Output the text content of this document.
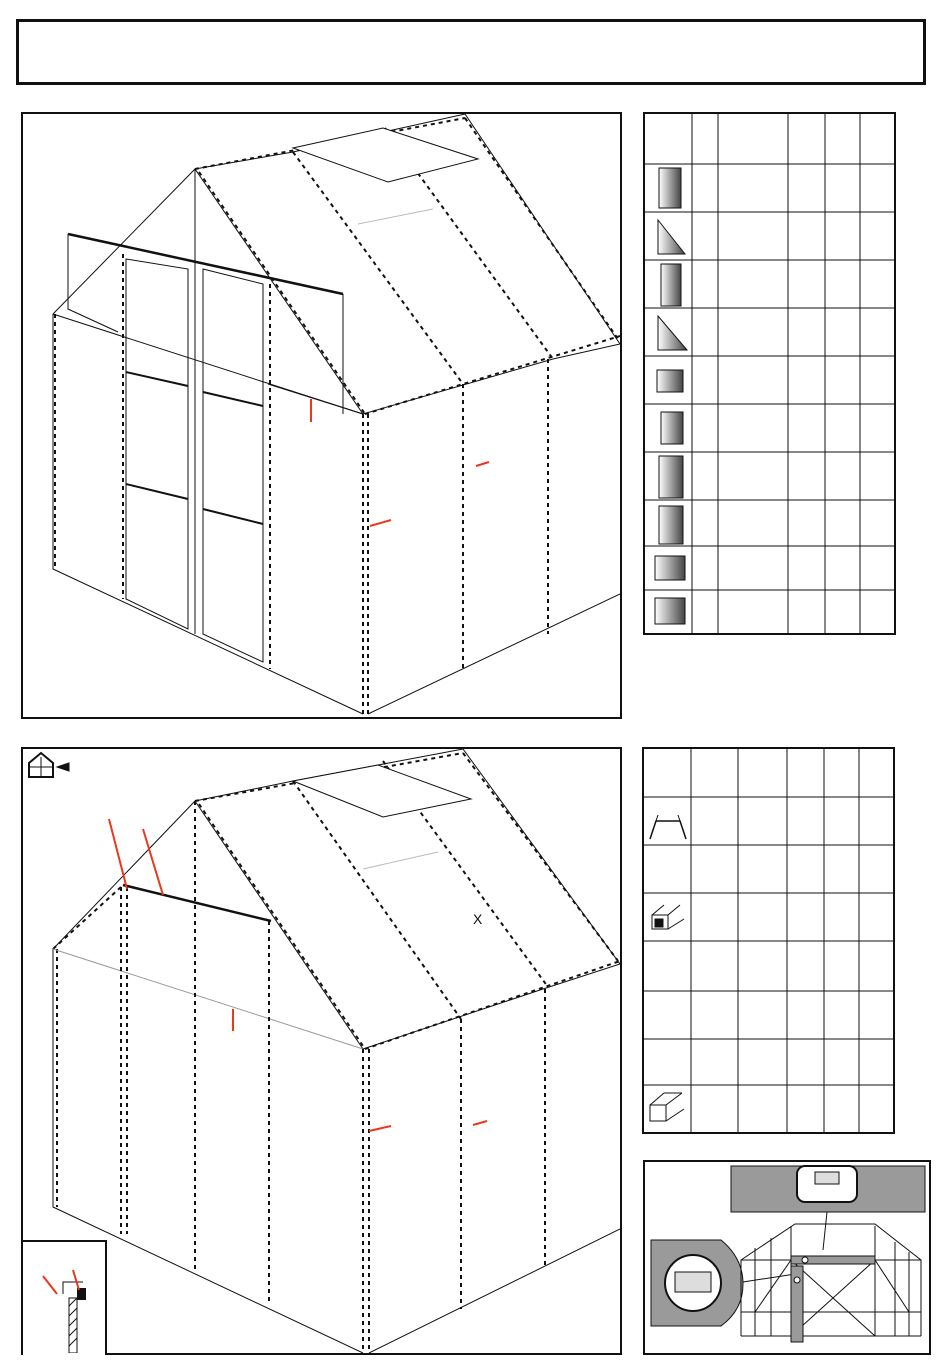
X
